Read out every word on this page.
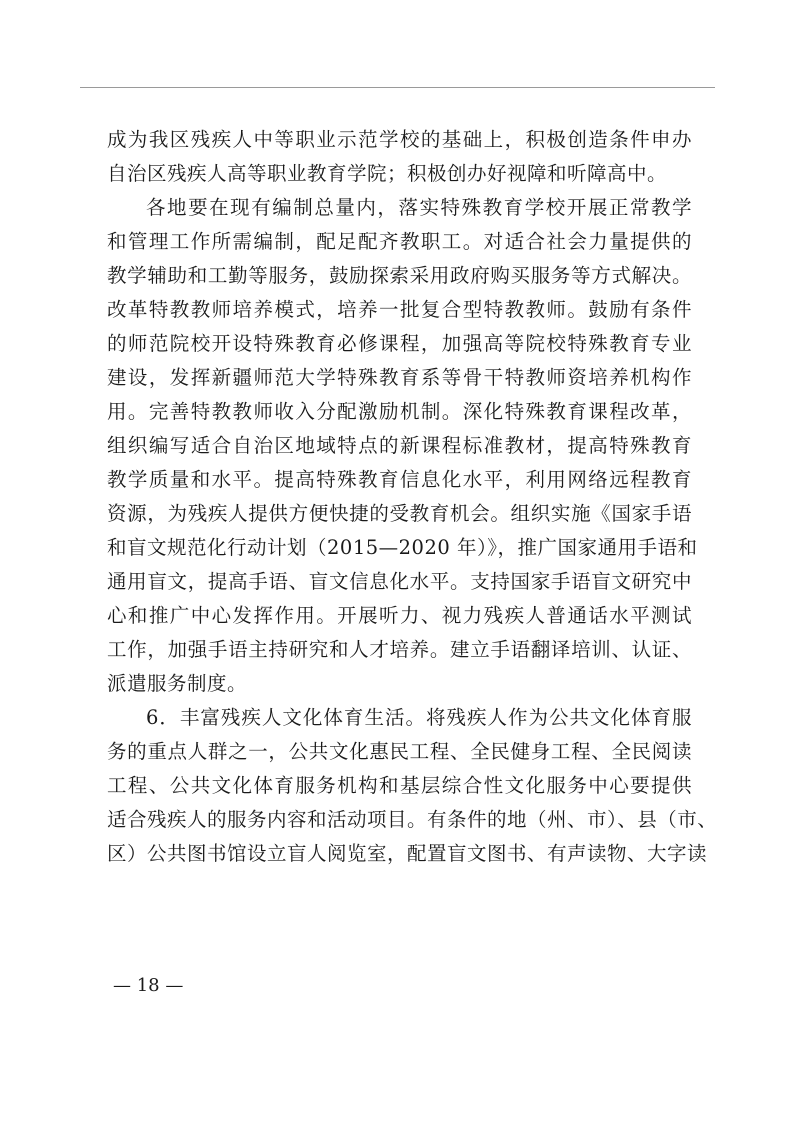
成为我区残疾人中等职业示范学校的基础上，积极创造条件申办
自治区残疾人高等职业教育学院；积极创办好视障和听障高中。
各地要在现有编制总量内，落实特殊教育学校开展正常教学
和管理工作所需编制，配足配齐教职工。对适合社会力量提供的
教学辅助和工勤等服务，鼓励探索采用政府购买服务等方式解决。
改革特教教师培养模式，培养一批复合型特教教师。鼓励有条件
的师范院校开设特殊教育必修课程，加强高等院校特殊教育专业
建设，发挥新疆师范大学特殊教育系等骨干特教师资培养机构作
用。完善特教教师收入分配激励机制。深化特殊教育课程改革，
组织编写适合自治区地域特点的新课程标准教材，提高特殊教育
教学质量和水平。提高特殊教育信息化水平，利用网络远程教育
资源，为残疾人提供方便快捷的受教育机会。组织实施《国家手语
和盲文规范化行动计划（2015—2020 年）》，推广国家通用手语和
通用盲文，提高手语、盲文信息化水平。支持国家手语盲文研究中
心和推广中心发挥作用。开展听力、视力残疾人普通话水平测试
工作，加强手语主持研究和人才培养。建立手语翻译培训、认证、
派遣服务制度。
6．丰富残疾人文化体育生活。将残疾人作为公共文化体育服
务的重点人群之一，公共文化惠民工程、全民健身工程、全民阅读
工程、公共文化体育服务机构和基层综合性文化服务中心要提供
适合残疾人的服务内容和活动项目。有条件的地（州、市）、县（市、
区）公共图书馆设立盲人阅览室，配置盲文图书、有声读物、大字读
— 18 —
